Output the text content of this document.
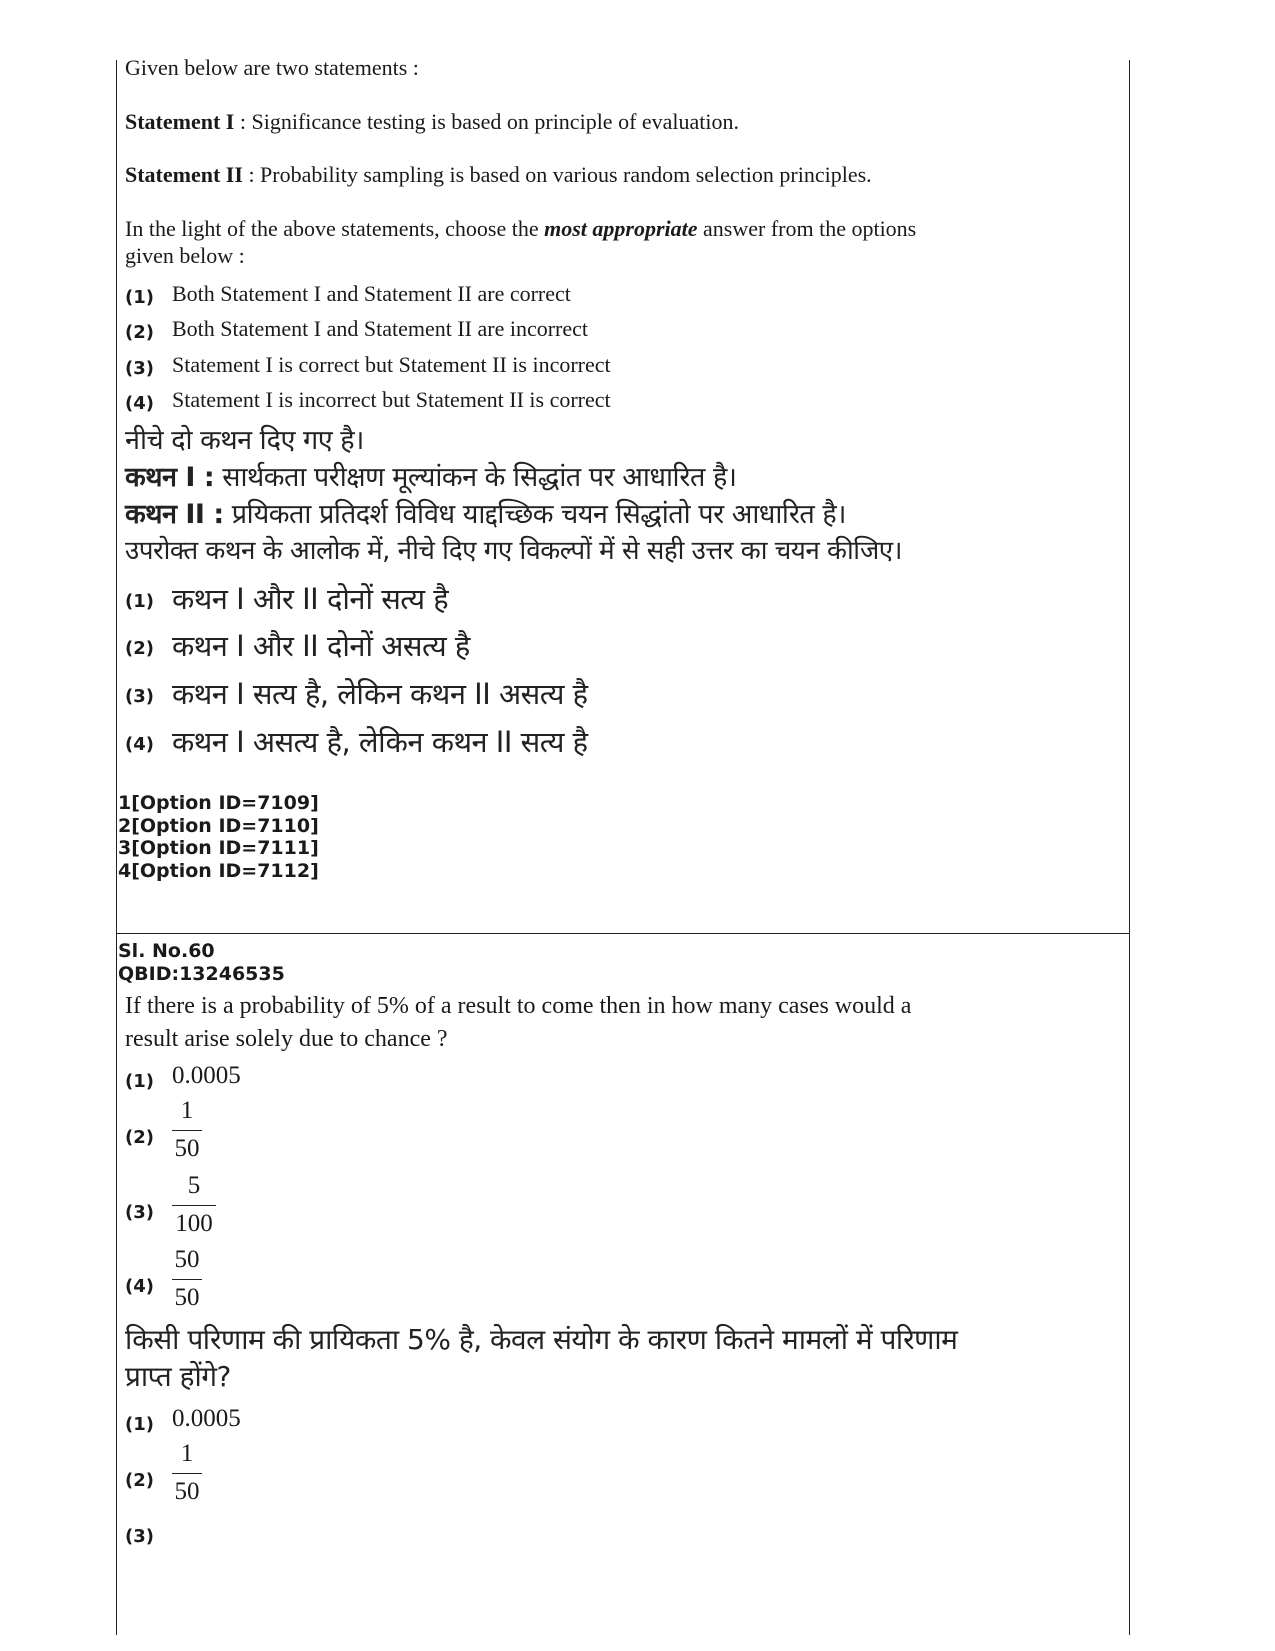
Given below are two statements :
Statement I : Significance testing is based on principle of evaluation.
Statement II : Probability sampling is based on various random selection principles.
In the light of the above statements, choose the most appropriate answer from the options
given below :
(1) Both Statement I and Statement II are correct
(2) Both Statement I and Statement II are incorrect
(3) Statement I is correct but Statement II is incorrect
(4) Statement I is incorrect but Statement II is correct
नीचे दो कथन दिए गए है।
कथन I : सार्थकता परीक्षण मूल्यांकन के सिद्धांत पर आधारित है।
कथन II : प्रयिकता प्रतिदर्श विविध याद्दच्छिक चयन सिद्धांतो पर आधारित है।
उपरोक्त कथन के आलोक में, नीचे दिए गए विकल्पों में से सही उत्तर का चयन कीजिए।
(1) कथन I और II दोनों सत्य है
(2) कथन I और II दोनों असत्य है
(3) कथन I सत्य है, लेकिन कथन II असत्य है
(4) कथन I असत्य है, लेकिन कथन II सत्य है
1[Option ID=7109]
2[Option ID=7110]
3[Option ID=7111]
4[Option ID=7112]
Sl. No.60
QBID:13246535
If there is a probability of 5% of a result to come then in how many cases would a
result arise solely due to chance ?
(1) 0.0005
(2)
1
50
(3)
5
100
(4)
50
50
किसी परिणाम की प्रायिकता 5% है, केवल संयोग के कारण कितने मामलों में परिणाम
प्राप्त होंगे?
(1) 0.0005
(2)
1
50
(3)
